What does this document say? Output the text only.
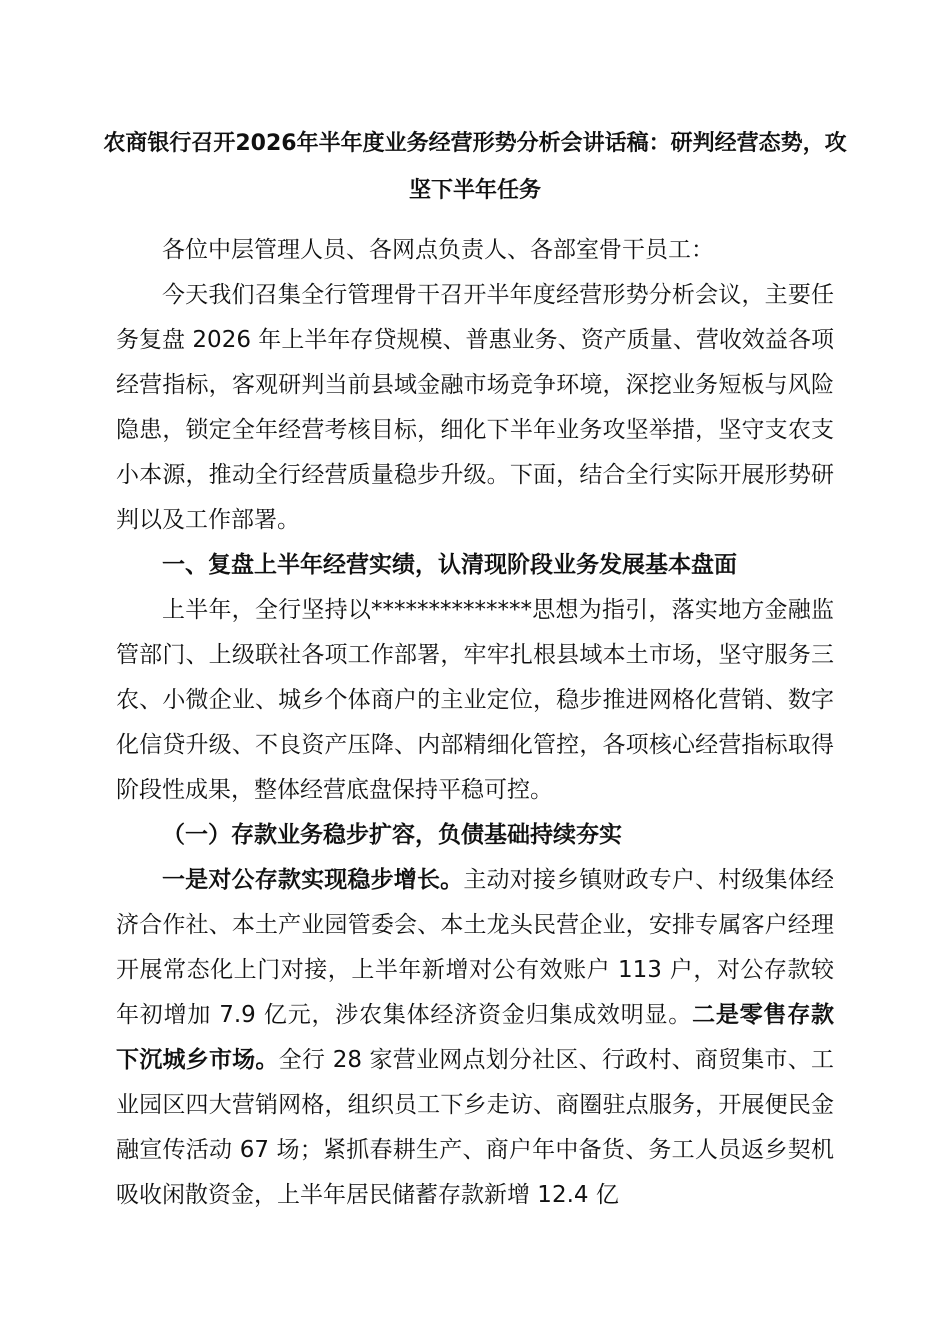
农商银行召开2026年半年度业务经营形势分析会讲话稿：研判经营态势，攻坚下半年任务

各位中层管理人员、各网点负责人、各部室骨干员工：

今天我们召集全行管理骨干召开半年度经营形势分析会议，主要任务复盘 2026 年上半年存贷规模、普惠业务、资产质量、营收效益各项经营指标，客观研判当前县域金融市场竞争环境，深挖业务短板与风险隐患，锁定全年经营考核目标，细化下半年业务攻坚举措，坚守支农支小本源，推动全行经营质量稳步升级。下面，结合全行实际开展形势研判以及工作部署。

一、复盘上半年经营实绩，认清现阶段业务发展基本盘面

上半年，全行坚持以**************思想为指引，落实地方金融监管部门、上级联社各项工作部署，牢牢扎根县域本土市场，坚守服务三农、小微企业、城乡个体商户的主业定位，稳步推进网格化营销、数字化信贷升级、不良资产压降、内部精细化管控，各项核心经营指标取得阶段性成果，整体经营底盘保持平稳可控。

（一）存款业务稳步扩容，负债基础持续夯实

一是对公存款实现稳步增长。主动对接乡镇财政专户、村级集体经济合作社、本土产业园管委会、本土龙头民营企业，安排专属客户经理开展常态化上门对接，上半年新增对公有效账户 113 户，对公存款较年初增加 7.9 亿元，涉农集体经济资金归集成效明显。二是零售存款下沉城乡市场。全行 28 家营业网点划分社区、行政村、商贸集市、工业园区四大营销网格，组织员工下乡走访、商圈驻点服务，开展便民金融宣传活动 67 场；紧抓春耕生产、商户年中备货、务工人员返乡契机吸收闲散资金，上半年居民储蓄存款新增 12.4 亿
